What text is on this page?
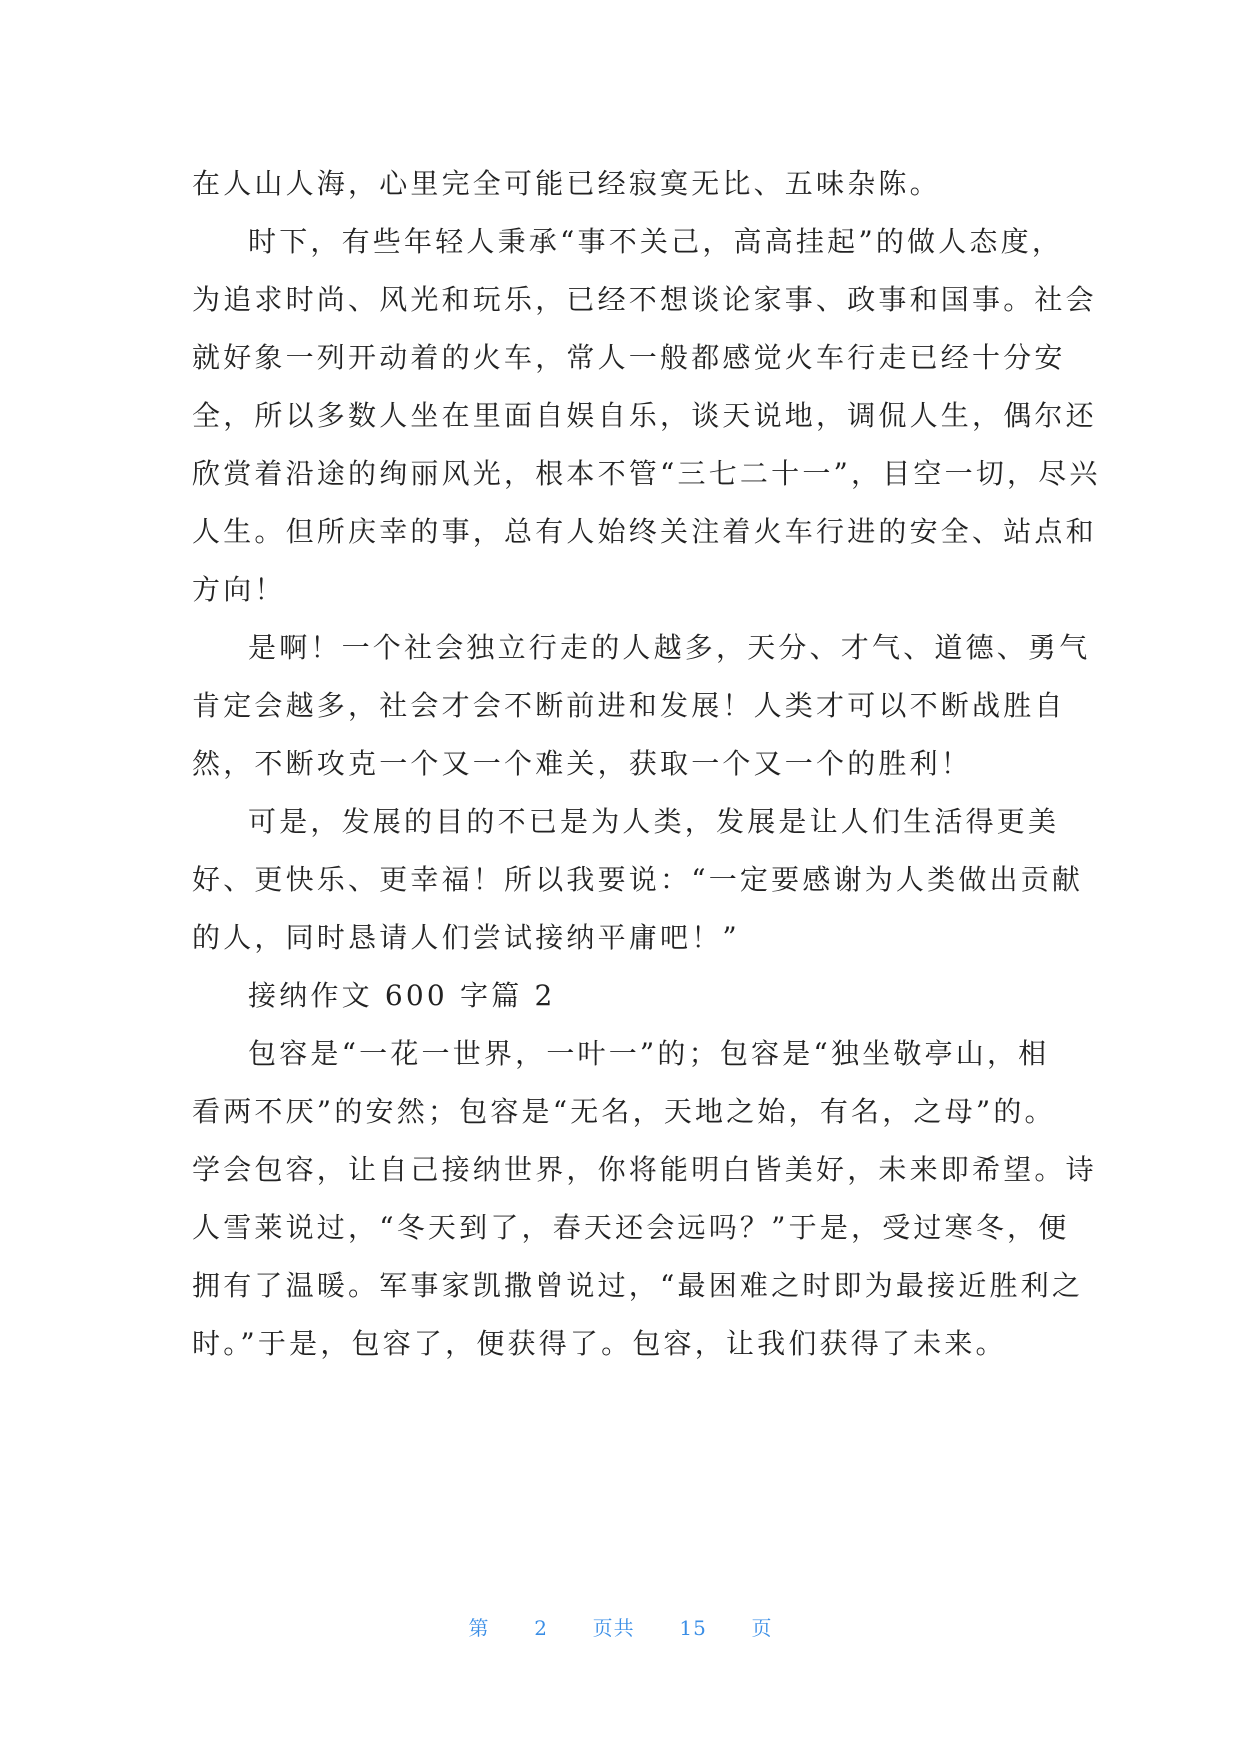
在人山人海，心里完全可能已经寂寞无比、五味杂陈。
时下，有些年轻人秉承“事不关己，高高挂起”的做人态度，
为追求时尚、风光和玩乐，已经不想谈论家事、政事和国事。社会
就好象一列开动着的火车，常人一般都感觉火车行走已经十分安
全，所以多数人坐在里面自娱自乐，谈天说地，调侃人生，偶尔还
欣赏着沿途的绚丽风光，根本不管“三七二十一”，目空一切，尽兴
人生。但所庆幸的事，总有人始终关注着火车行进的安全、站点和
方向！
是啊！一个社会独立行走的人越多，天分、才气、道德、勇气
肯定会越多，社会才会不断前进和发展！人类才可以不断战胜自
然，不断攻克一个又一个难关，获取一个又一个的胜利！
可是，发展的目的不已是为人类，发展是让人们生活得更美
好、更快乐、更幸福！所以我要说：“一定要感谢为人类做出贡献
的人，同时恳请人们尝试接纳平庸吧！”
接纳作文 600 字篇 2
包容是“一花一世界，一叶一”的；包容是“独坐敬亭山，相
看两不厌”的安然；包容是“无名，天地之始，有名，之母”的。
学会包容，让自己接纳世界，你将能明白皆美好，未来即希望。诗
人雪莱说过，“冬天到了，春天还会远吗？”于是，受过寒冬，便
拥有了温暖。军事家凯撒曾说过，“最困难之时即为最接近胜利之
时。”于是，包容了，便获得了。包容，让我们获得了未来。
第 2 页共 15 页
